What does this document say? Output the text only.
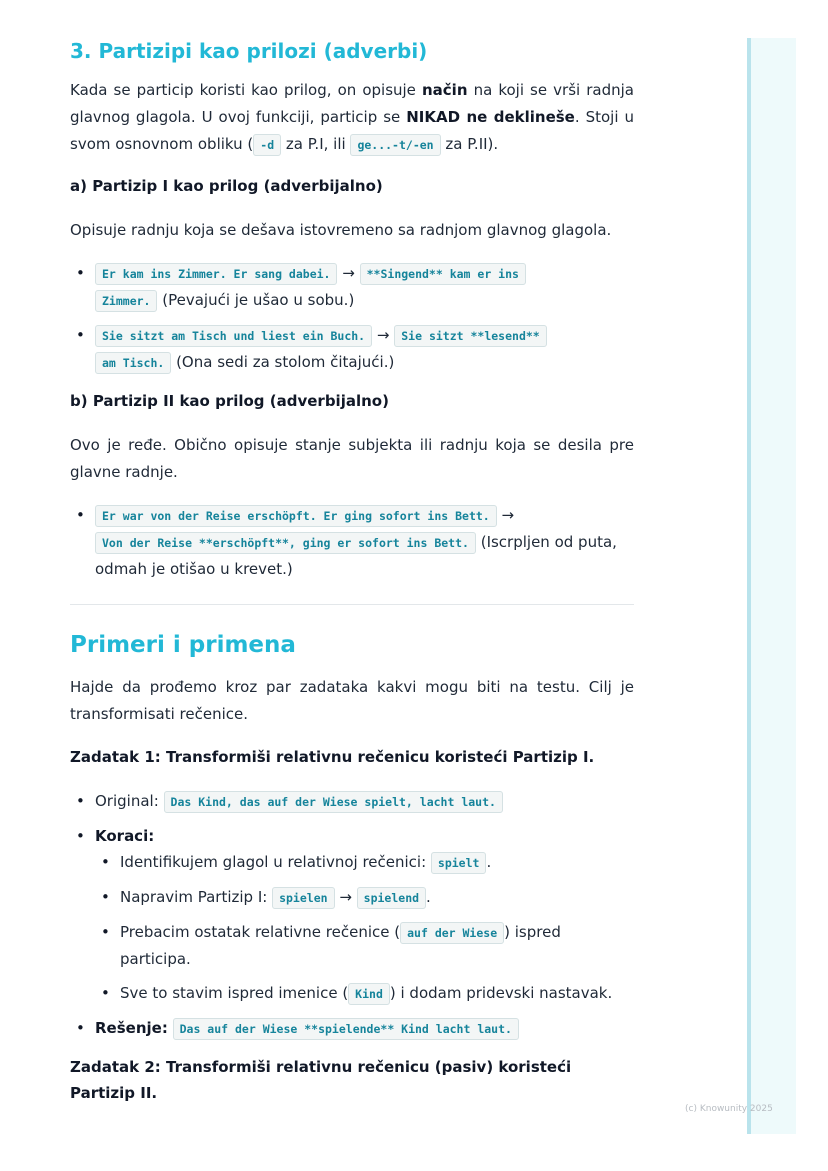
(c) Knowunity 2025
3. Partizipi kao prilozi (adverbi)

Kada se particip koristi kao prilog, on opisuje način na koji se vrši radnja glavnog glagola. U ovoj funkciji, particip se NIKAD ne deklineše. Stoji u svom osnovnom obliku ( -d za P.I, ili ge...-t/-en za P.II).

a) Partizip I kao prilog (adverbijalno)

Opisuje radnju koja se dešava istovremeno sa radnjom glavnog glagola.

• Er kam ins Zimmer. Er sang dabei. → **Singend** kam er ins
Zimmer. (Pevajući je ušao u sobu.)
• Sie sitzt am Tisch und liest ein Buch. → Sie sitzt **lesend**
am Tisch. (Ona sedi za stolom čitajući.)
b) Partizip II kao prilog (adverbijalno)

Ovo je ređe. Obično opisuje stanje subjekta ili radnju koja se desila pre glavne radnje.

• Er war von der Reise erschöpft. Er ging sofort ins Bett. →
Von der Reise **erschöpft**, ging er sofort ins Bett. (Iscrpljen od puta, odmah je otišao u krevet.)
Primeri i primena

Hajde da prođemo kroz par zadataka kakvi mogu biti na testu. Cilj je transformisati rečenice.

Zadatak 1: Transformiši relativnu rečenicu koristeći Partizip I.
• Original: Das Kind, das auf der Wiese spielt, lacht laut.
• Koraci:
• Identifikujem glagol u relativnoj rečenici: spielt .
• Napravim Partizip I: spielen → spielend .
• Prebacim ostatak relativne rečenice ( auf der Wiese ) ispred participa.
• Sve to stavim ispred imenice ( Kind ) i dodam pridevski nastavak.
• Rešenje: Das auf der Wiese **spielende** Kind lacht laut.
Zadatak 2: Transformiši relativnu rečenicu (pasiv) koristeći Partizip II.
